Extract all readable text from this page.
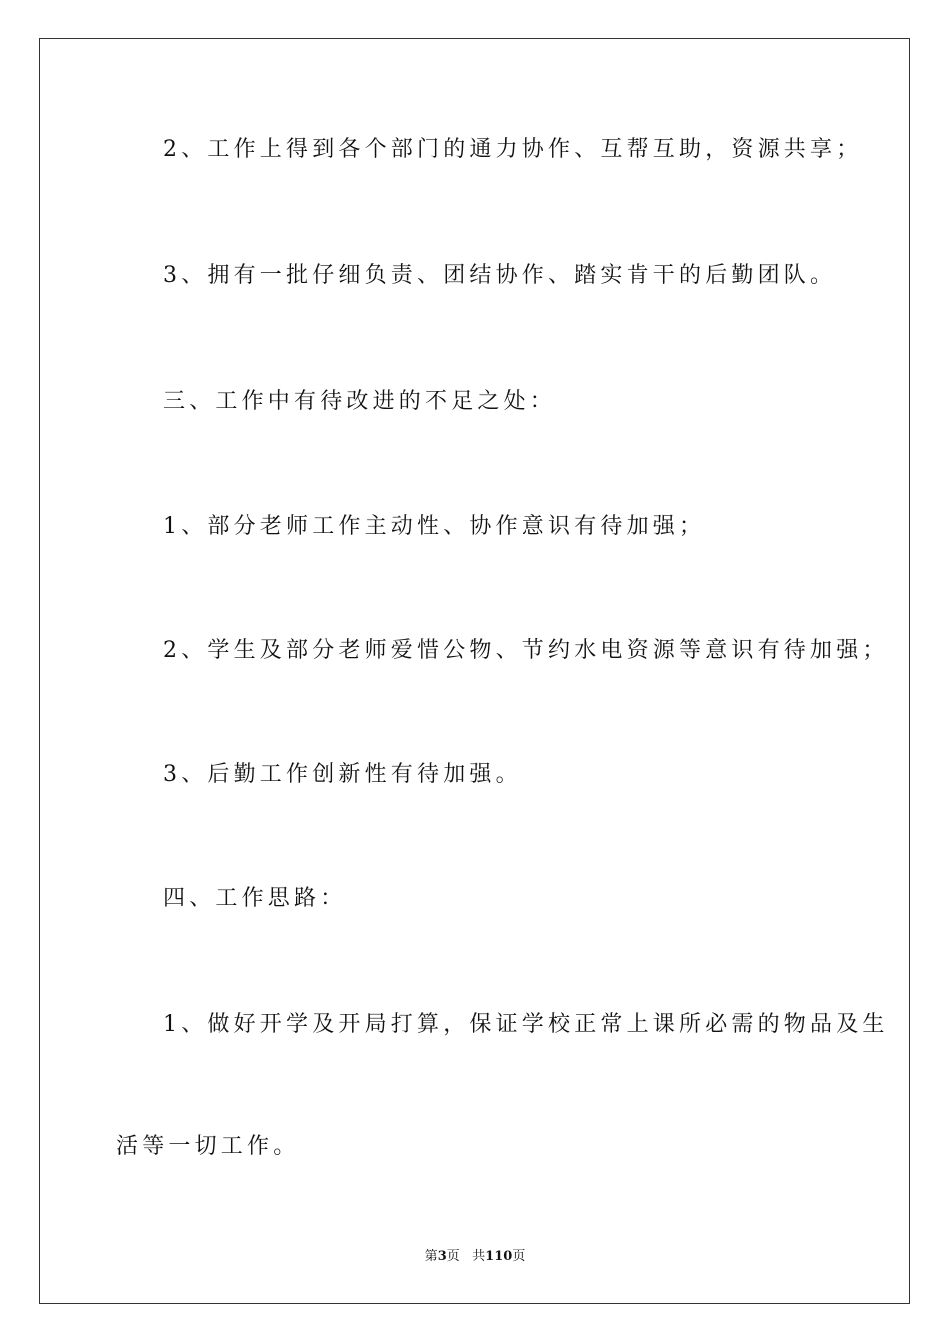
2、工作上得到各个部门的通力协作、互帮互助，资源共享；
3、拥有一批仔细负责、团结协作、踏实肯干的后勤团队。
三、工作中有待改进的不足之处：
1、部分老师工作主动性、协作意识有待加强；
2、学生及部分老师爱惜公物、节约水电资源等意识有待加强；
3、后勤工作创新性有待加强。
四、工作思路：
1、做好开学及开局打算，保证学校正常上课所必需的物品及生
活等一切工作。
第3页 共110页
